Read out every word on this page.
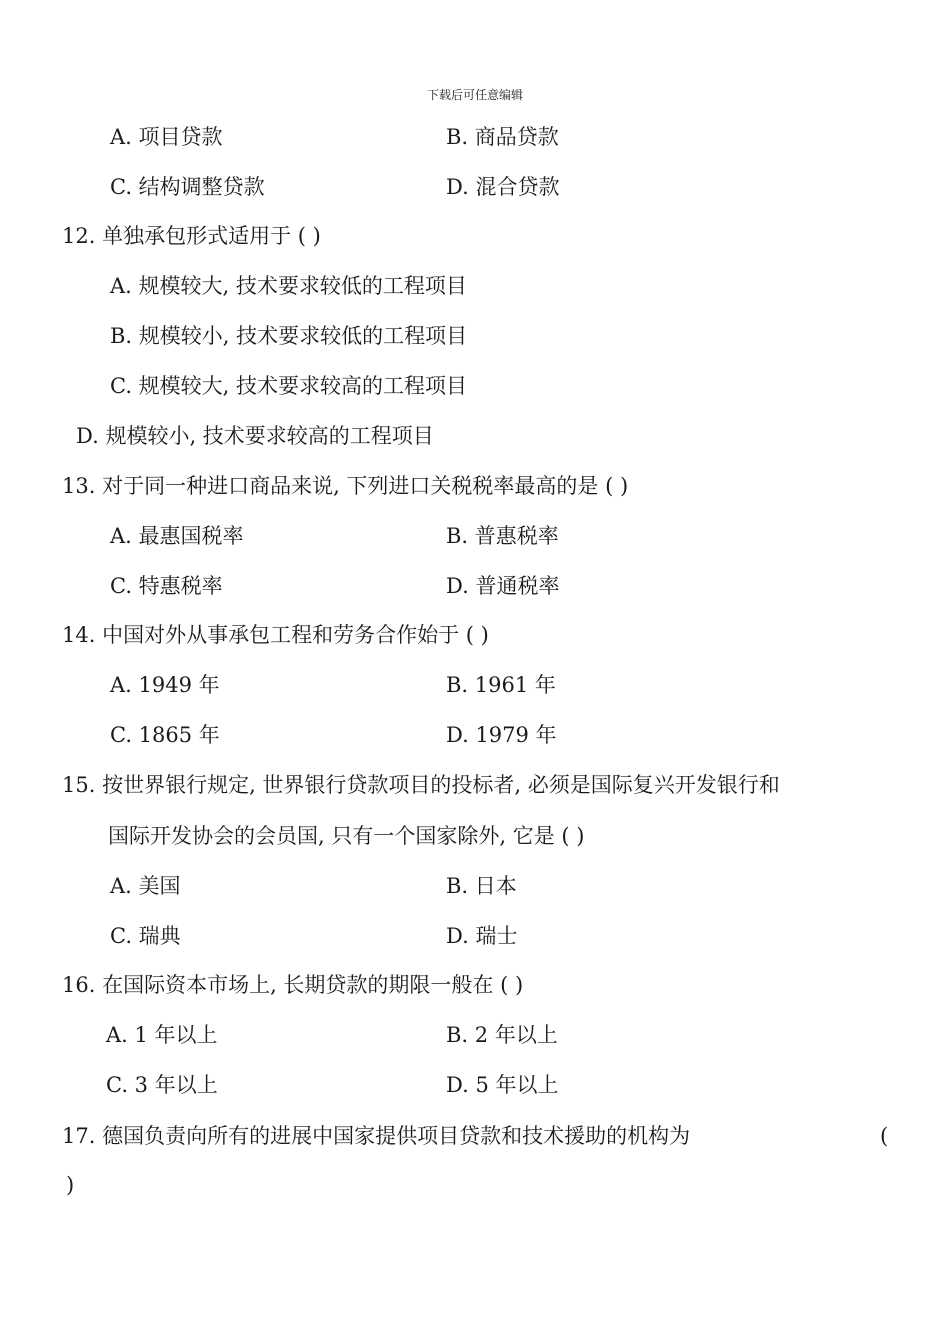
下载后可任意编辑
A. 项目贷款	B. 商品贷款
C. 结构调整贷款	D. 混合贷款
12. 单独承包形式适用于 ( )
A. 规模较大, 技术要求较低的工程项目
B. 规模较小, 技术要求较低的工程项目
C. 规模较大, 技术要求较高的工程项目
D. 规模较小, 技术要求较高的工程项目
13. 对于同一种进口商品来说, 下列进口关税税率最高的是 ( )
A. 最惠国税率	B. 普惠税率
C. 特惠税率	D. 普通税率
14. 中国对外从事承包工程和劳务合作始于 ( )
A. 1949 年	B. 1961 年
C. 1865 年	D. 1979 年
15. 按世界银行规定, 世界银行贷款项目的投标者, 必须是国际复兴开发银行和
国际开发协会的会员国, 只有一个国家除外, 它是 ( )
A. 美国	B. 日本
C. 瑞典	D. 瑞士
16. 在国际资本市场上, 长期贷款的期限一般在 ( )
A. 1 年以上	B. 2 年以上
C. 3 年以上	D. 5 年以上
17. 德国负责向所有的进展中国家提供项目贷款和技术援助的机构为	(
)
